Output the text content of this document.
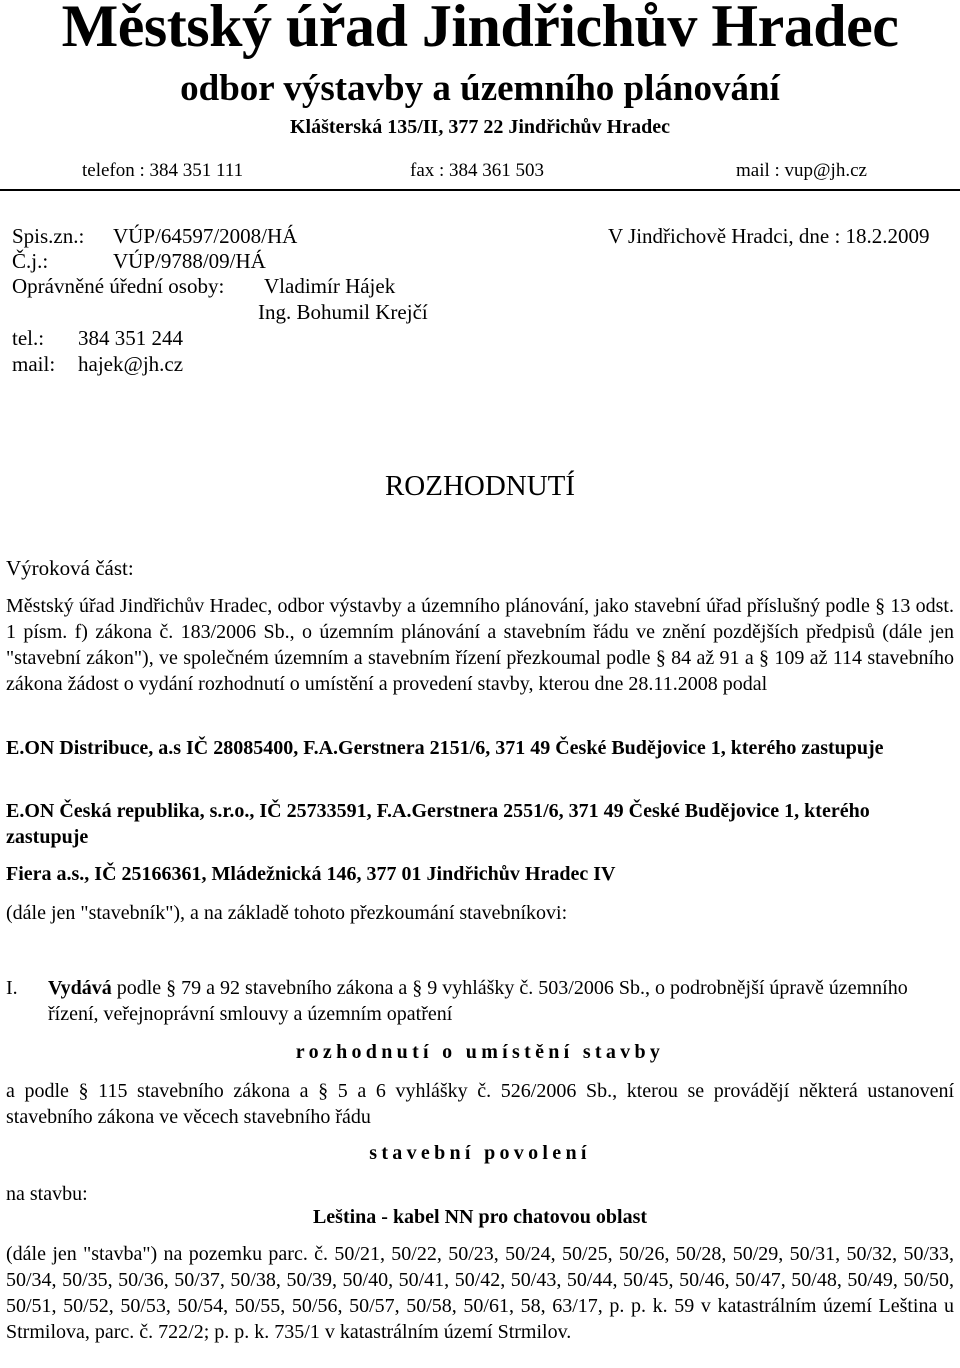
Městský úřad Jindřichův Hradec
odbor výstavby a územního plánování
Klášterská 135/II, 377 22 Jindřichův Hradec
telefon : 384 351 111	fax : 384 361 503	mail : vup@jh.cz
Spis.zn.: VÚP/64597/2008/HÁ	V Jindřichově Hradci, dne : 18.2.2009
Č.j.:	VÚP/9788/09/HÁ
Oprávněné úřední osoby: Vladimír Hájek
Ing. Bohumil Krejčí
tel.: 384 351 244
mail: hajek@jh.cz
ROZHODNUTÍ
Výroková část:
Městský úřad Jindřichův Hradec, odbor výstavby a územního plánování, jako stavební úřad příslušný podle § 13 odst. 1 písm. f) zákona č. 183/2006 Sb., o územním plánování a stavebním řádu ve znění pozdějších předpisů (dále jen "stavební zákon"), ve společném územním a stavebním řízení přezkoumal podle § 84 až 91 a § 109 až 114 stavebního zákona žádost o vydání rozhodnutí o umístění a provedení stavby, kterou dne 28.11.2008 podal
E.ON Distribuce, a.s IČ 28085400, F.A.Gerstnera 2151/6, 371 49 České Budějovice 1, kterého zastupuje
E.ON Česká republika, s.r.o., IČ 25733591, F.A.Gerstnera 2551/6, 371 49 České Budějovice 1, kterého zastupuje
Fiera a.s., IČ 25166361, Mládežnická 146, 377 01 Jindřichův Hradec IV
(dále jen "stavebník"), a na základě tohoto přezkoumání stavebníkovi:
I.	Vydává podle § 79 a 92 stavebního zákona a § 9 vyhlášky č. 503/2006 Sb., o podrobnější úpravě územního řízení, veřejnoprávní smlouvy a územním opatření
rozhodnutí o umístění stavby
a podle § 115 stavebního zákona a § 5 a 6 vyhlášky č. 526/2006 Sb., kterou se provádějí některá ustanovení stavebního zákona ve věcech stavebního řádu
stavební povolení
na stavbu:
Leština - kabel NN pro chatovou oblast
(dále jen "stavba") na pozemku parc. č. 50/21, 50/22, 50/23, 50/24, 50/25, 50/26, 50/28, 50/29, 50/31, 50/32, 50/33, 50/34, 50/35, 50/36, 50/37, 50/38, 50/39, 50/40, 50/41, 50/42, 50/43, 50/44, 50/45, 50/46, 50/47, 50/48, 50/49, 50/50, 50/51, 50/52, 50/53, 50/54, 50/55, 50/56, 50/57, 50/58, 50/61, 58, 63/17, p. p. k. 59 v katastrálním území Leština u Strmilova, parc. č. 722/2; p. p. k. 735/1 v katastrálním území Strmilov.
